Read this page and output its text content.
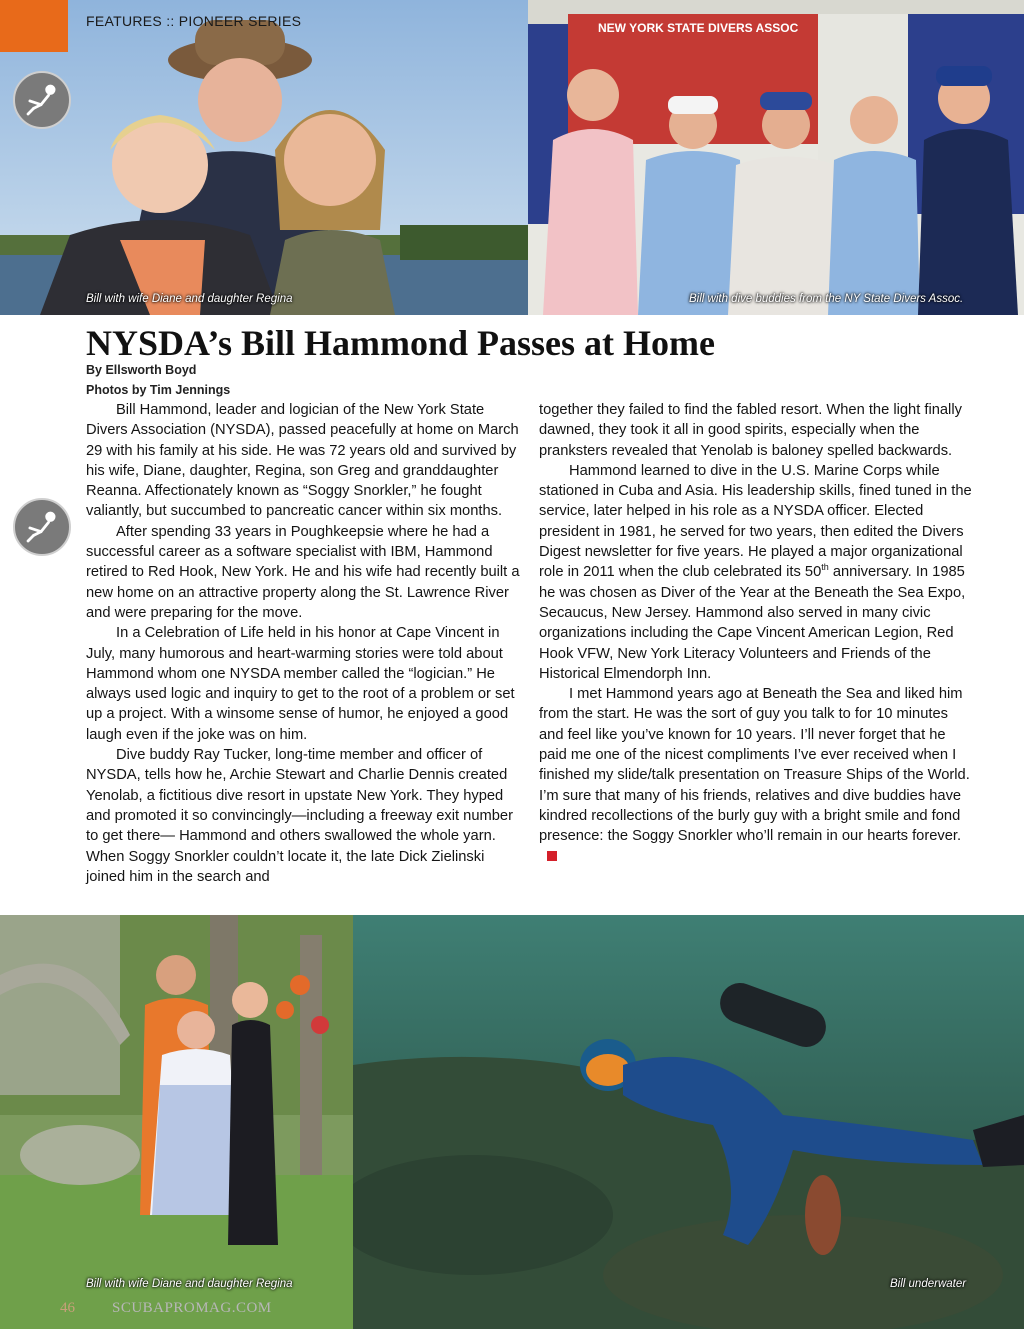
Bill with wife Diane and daughter Regina
NEW YORK STATE DIVERS ASSOC
Bill with dive buddies from the NY State Divers Assoc.
FEATURES :: PIONEER SERIES
NYSDA’s Bill Hammond Passes at Home
By Ellsworth Boyd
Photos by Tim Jennings

Bill Hammond, leader and logician of the New York State Divers Association (NYSDA), passed peacefully at home on March 29 with his family at his side. He was 72 years old and survived by his wife, Diane, daughter, Regina, son Greg and granddaughter Reanna. Affectionately known as “Soggy Snorkler,” he fought valiantly, but succumbed to pancreatic cancer within six months.

After spending 33 years in Poughkeepsie where he had a successful career as a software specialist with IBM, Hammond retired to Red Hook, New York. He and his wife had recently built a new home on an attractive property along the St. Lawrence River and were preparing for the move.

In a Celebration of Life held in his honor at Cape Vincent in July, many humorous and heart-warming stories were told about Hammond whom one NYSDA member called the “logician.” He always used logic and inquiry to get to the root of a problem or set up a project. With a winsome sense of humor, he enjoyed a good laugh even if the joke was on him.

Dive buddy Ray Tucker, long-time member and officer of NYSDA, tells how he, Archie Stewart and Charlie Dennis created Yenolab, a fictitious dive resort in upstate New York. They hyped and promoted it so convincingly—including a freeway exit number to get there— Hammond and others swallowed the whole yarn. When Soggy Snorkler couldn’t locate it, the late Dick Zielinski joined him in the search and

together they failed to find the fabled resort. When the light finally dawned, they took it all in good spirits, especially when the pranksters revealed that Yenolab is baloney spelled backwards.

Hammond learned to dive in the U.S. Marine Corps while stationed in Cuba and Asia. His leadership skills, fined tuned in the service, later helped in his role as a NYSDA officer. Elected president in 1981, he served for two years, then edited the Divers Digest newsletter for five years. He played a major organizational role in 2011 when the club celebrated its 50th anniversary. In 1985 he was chosen as Diver of the Year at the Beneath the Sea Expo, Secaucus, New Jersey. Hammond also served in many civic organizations including the Cape Vincent American Legion, Red Hook VFW, New York Literacy Volunteers and Friends of the Historical Elmendorph Inn.

I met Hammond years ago at Beneath the Sea and liked him from the start. He was the sort of guy you talk to for 10 minutes and feel like you’ve known for 10 years. I’ll never forget that he paid me one of the nicest compliments I’ve ever received when I finished my slide/talk presentation on Treasure Ships of the World. I’m sure that many of his friends, relatives and dive buddies have kindred recollections of the burly guy with a bright smile and fond presence: the Soggy Snorkler who’ll remain in our hearts forever.

Bill with wife Diane and daughter Regina	Bill underwater
46 SCUBAPROMAG.COM
